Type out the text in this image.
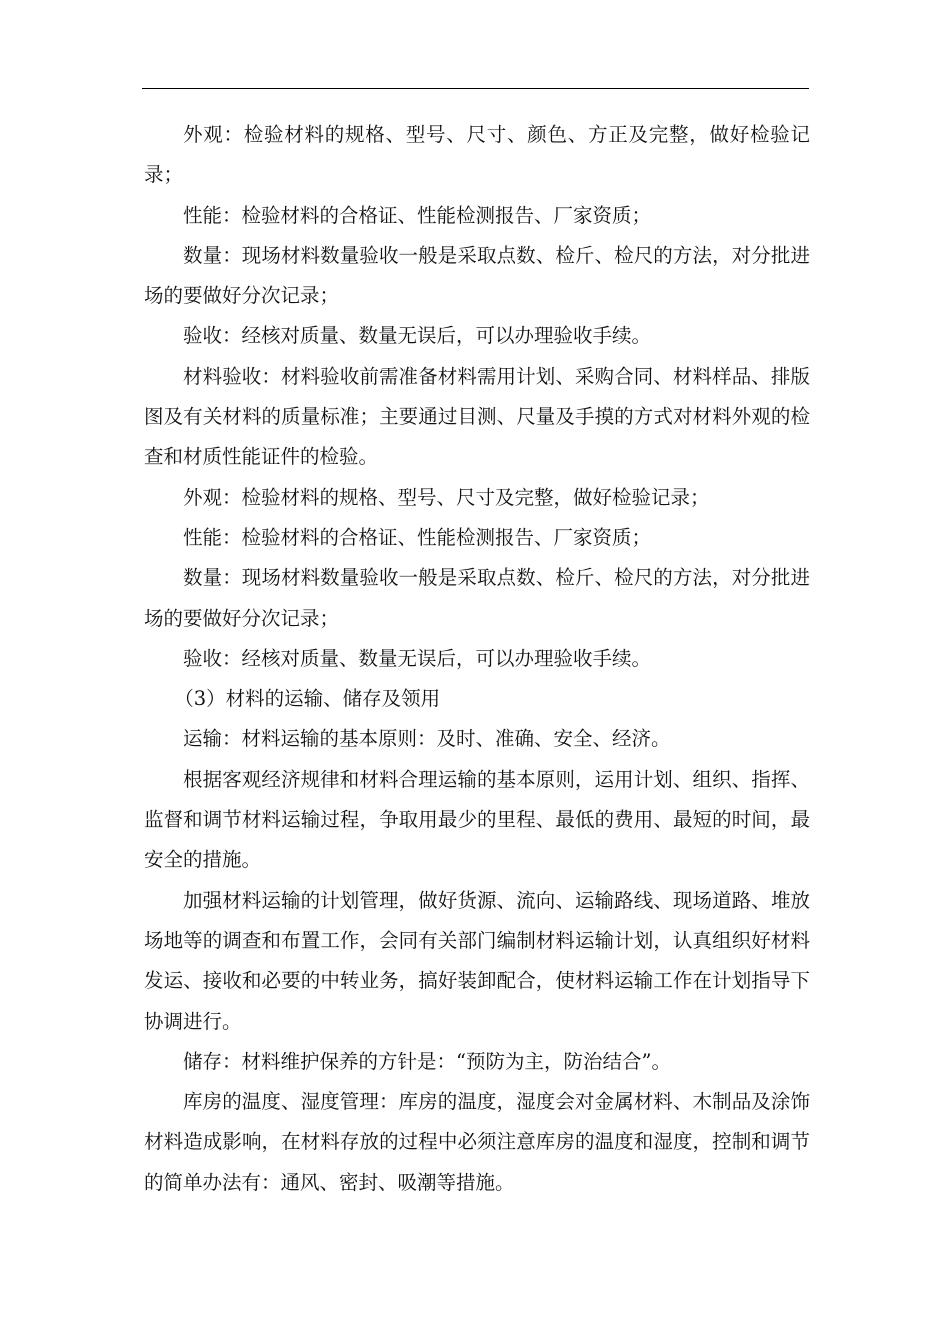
外观：检验材料的规格、型号、尺寸、颜色、方正及完整，做好检验记录；

性能：检验材料的合格证、性能检测报告、厂家资质；

数量：现场材料数量验收一般是采取点数、检斤、检尺的方法，对分批进场的要做好分次记录；

验收：经核对质量、数量无误后，可以办理验收手续。

材料验收：材料验收前需准备材料需用计划、采购合同、材料样品、排版图及有关材料的质量标准；主要通过目测、尺量及手摸的方式对材料外观的检查和材质性能证件的检验。

外观：检验材料的规格、型号、尺寸及完整，做好检验记录；

性能：检验材料的合格证、性能检测报告、厂家资质；

数量：现场材料数量验收一般是采取点数、检斤、检尺的方法，对分批进场的要做好分次记录；

验收：经核对质量、数量无误后，可以办理验收手续。

（3）材料的运输、储存及领用

运输：材料运输的基本原则：及时、准确、安全、经济。

根据客观经济规律和材料合理运输的基本原则，运用计划、组织、指挥、监督和调节材料运输过程，争取用最少的里程、最低的费用、最短的时间，最安全的措施。

加强材料运输的计划管理，做好货源、流向、运输路线、现场道路、堆放场地等的调查和布置工作，会同有关部门编制材料运输计划，认真组织好材料发运、接收和必要的中转业务，搞好装卸配合，使材料运输工作在计划指导下协调进行。

储存：材料维护保养的方针是：“预防为主，防治结合”。

库房的温度、湿度管理：库房的温度，湿度会对金属材料、木制品及涂饰材料造成影响，在材料存放的过程中必须注意库房的温度和湿度，控制和调节的简单办法有：通风、密封、吸潮等措施。
